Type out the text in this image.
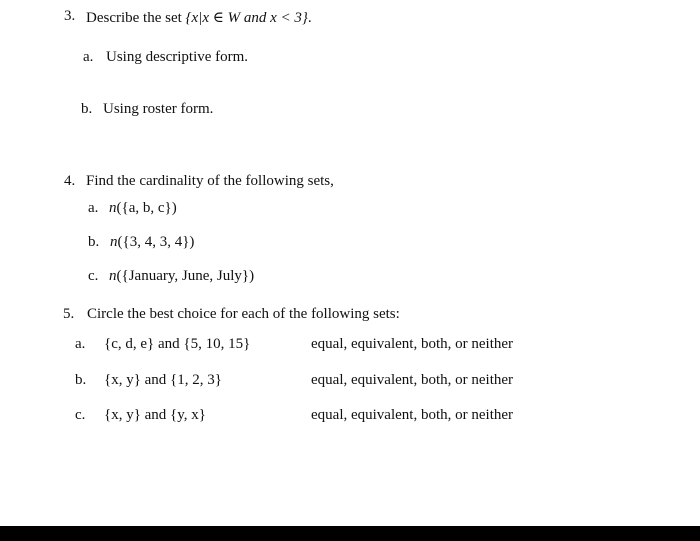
3. Describe the set {x|x ∈ W and x < 3}.
a. Using descriptive form.
b. Using roster form.
4. Find the cardinality of the following sets,
a. n({a, b, c})
b. n({3, 4, 3, 4})
c. n({January, June, July})
5. Circle the best choice for each of the following sets:
a. {c, d, e} and {5, 10, 15}	equal, equivalent, both, or neither
b. {x, y} and {1, 2, 3}	equal, equivalent, both, or neither
c. {x, y} and {y, x}	equal, equivalent, both, or neither
